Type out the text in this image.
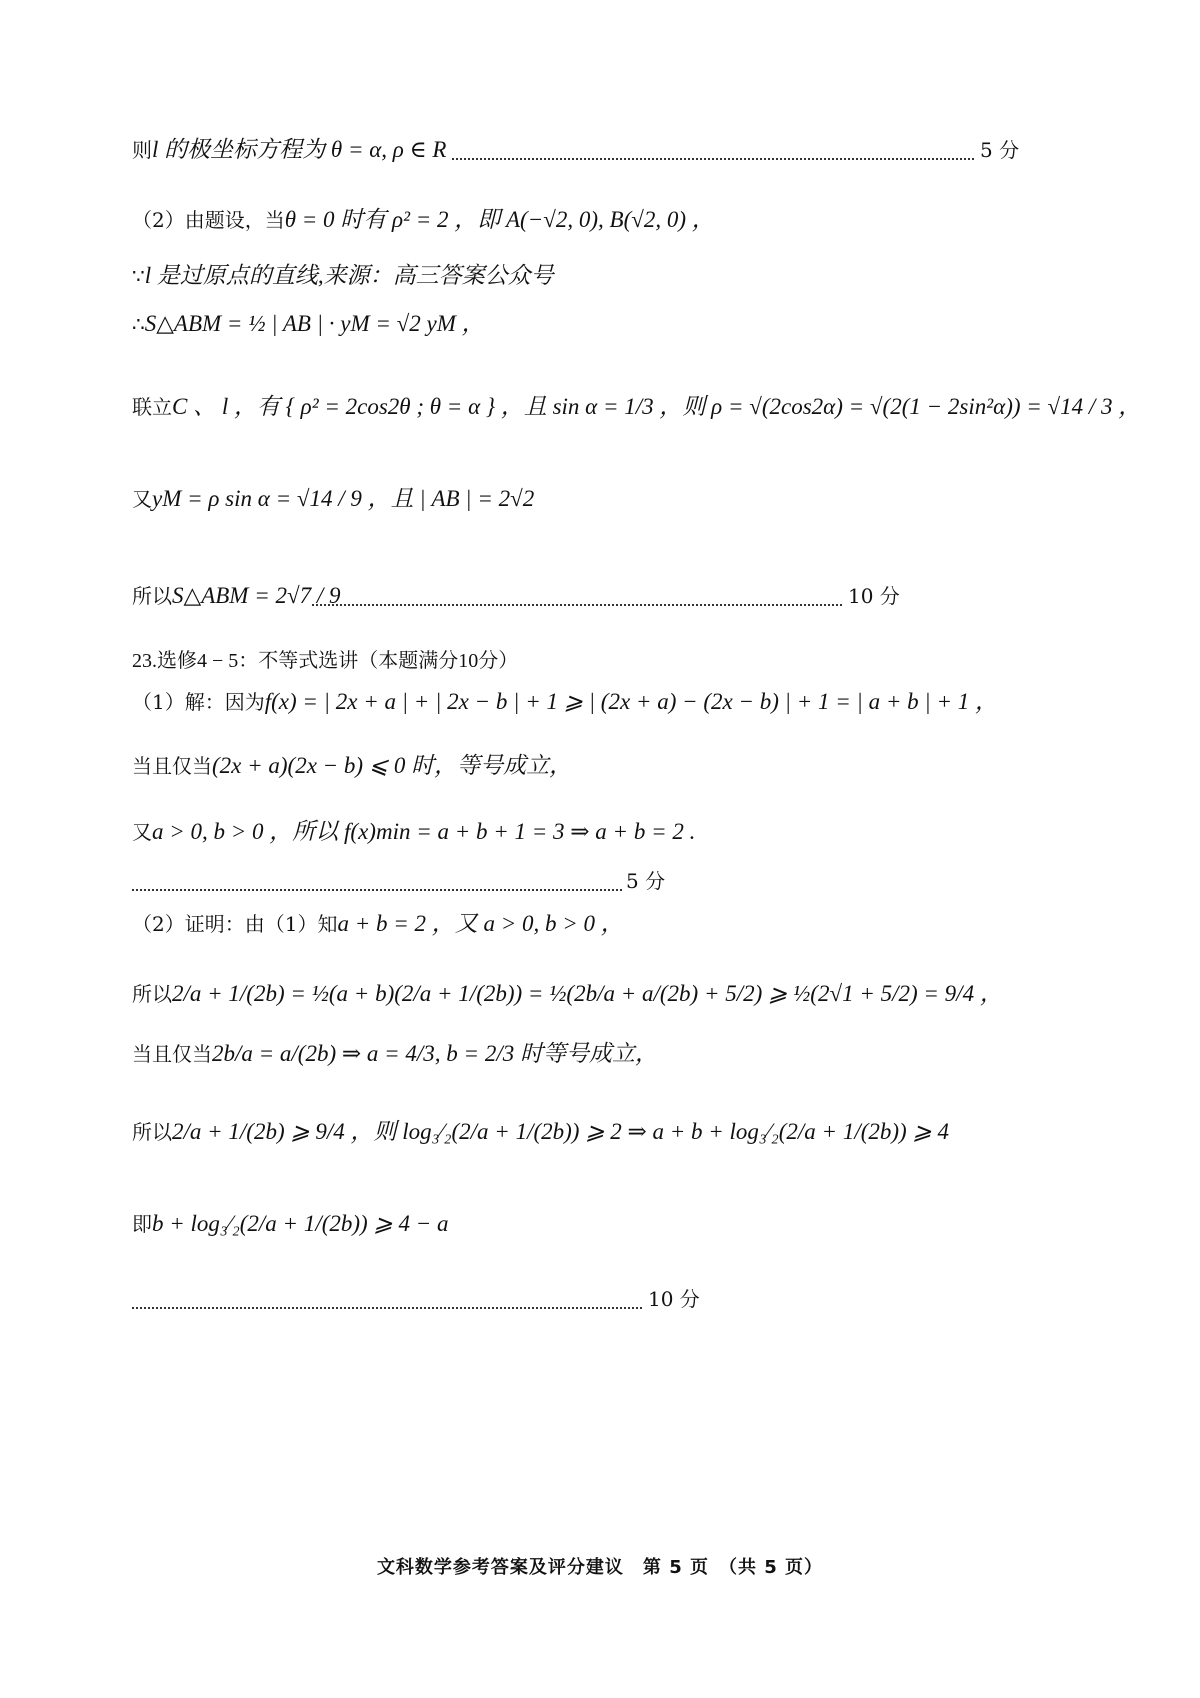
则l 的极坐标方程为 θ = α, ρ ∈ R	5 分
（2）由题设，当θ = 0 时有 ρ² = 2 ，即 A(−√2, 0), B(√2, 0) ，
∵l 是过原点的直线,来源：高三答案公众号
∴S△ABM = ½ | AB | · yM = √2 yM ，
联立C 、 l ，有 { ρ² = 2cos2θ ; θ = α } ，且 sin α = 1/3 ，则 ρ = √(2cos2α) = √(2(1 − 2sin²α)) = √14 / 3 ，
又yM = ρ sin α = √14 / 9 ，且 | AB | = 2√2
所以S△ABM = 2√7 / 9	10 分
23.选修4 − 5：不等式选讲（本题满分10分）
（1）解：因为f(x) = | 2x + a | + | 2x − b | + 1 ⩾ | (2x + a) − (2x − b) | + 1 = | a + b | + 1 ，
当且仅当(2x + a)(2x − b) ⩽ 0 时，等号成立，
又a > 0, b > 0 ，所以 f(x)min = a + b + 1 = 3 ⇒ a + b = 2 .
5 分
（2）证明：由（1）知a + b = 2 ，又 a > 0, b > 0 ，
所以2/a + 1/(2b) = ½(a + b)(2/a + 1/(2b)) = ½(2b/a + a/(2b) + 5/2) ⩾ ½(2√1 + 5/2) = 9/4 ，
当且仅当2b/a = a/(2b) ⇒ a = 4/3, b = 2/3 时等号成立，
所以2/a + 1/(2b) ⩾ 9/4 ，则 log₃⁄₂(2/a + 1/(2b)) ⩾ 2 ⇒ a + b + log₃⁄₂(2/a + 1/(2b)) ⩾ 4
即b + log₃⁄₂(2/a + 1/(2b)) ⩾ 4 − a
10 分
文科数学参考答案及评分建议　第 5 页　（共 5 页）
